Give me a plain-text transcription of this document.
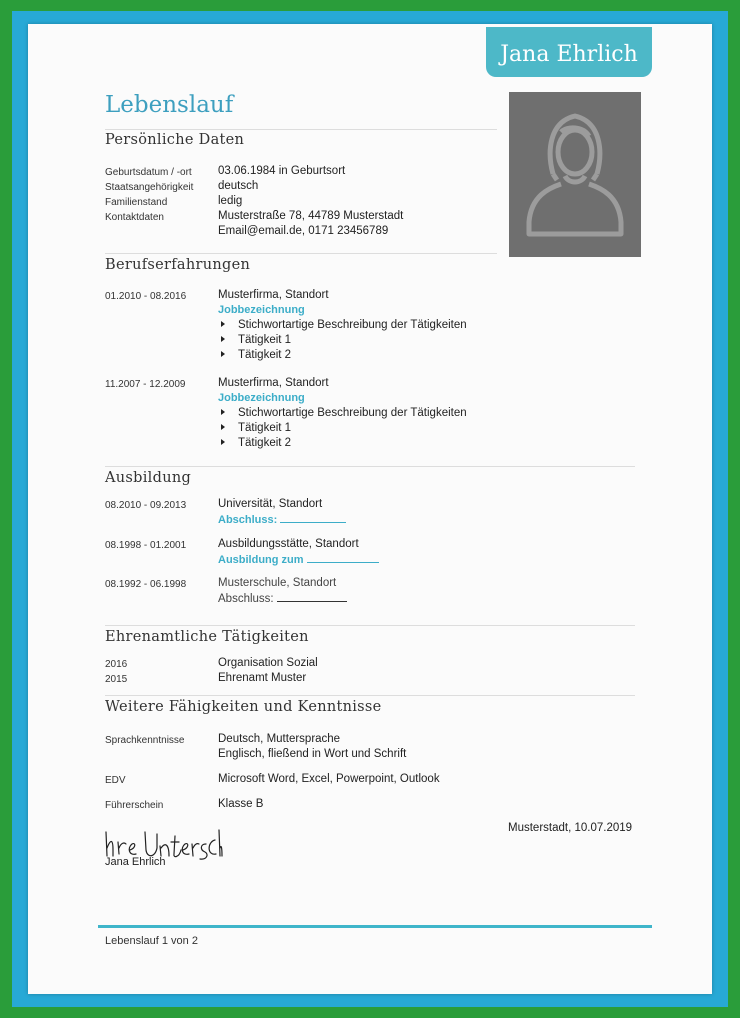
Jana Ehrlich
Lebenslauf
Persönliche Daten
Geburtsdatum / -ort 03.06.1984 in Geburtsort
Staatsangehörigkeit deutsch
Familienstand	ledig
Kontaktdaten	Musterstraße 78, 44789 Musterstadt
Email@email.de, 0171 23456789
Berufserfahrungen
01.2010 - 08.2016	Musterfirma, Standort
Jobbezeichnung
Stichwortartige Beschreibung der Tätigkeiten
Tätigkeit 1
Tätigkeit 2
11.2007 - 12.2009	Musterfirma, Standort
Jobbezeichnung
Stichwortartige Beschreibung der Tätigkeiten
Tätigkeit 1
Tätigkeit 2
Ausbildung
08.2010 - 09.2013	Universität, Standort
Abschluss:
08.1998 - 01.2001	Ausbildungsstätte, Standort
Ausbildung zum
08.1992 - 06.1998	Musterschule, Standort
Abschluss:
Ehrenamtliche Tätigkeiten
2016	Organisation Sozial
2015	Ehrenamt Muster
Weitere Fähigkeiten und Kenntnisse
Sprachkenntnisse	Deutsch, Muttersprache
Englisch, fließend in Wort und Schrift
EDV	Microsoft Word, Excel, Powerpoint, Outlook
Führerschein	Klasse B
Musterstadt, 10.07.2019
Jana Ehrlich
Lebenslauf 1 von 2
